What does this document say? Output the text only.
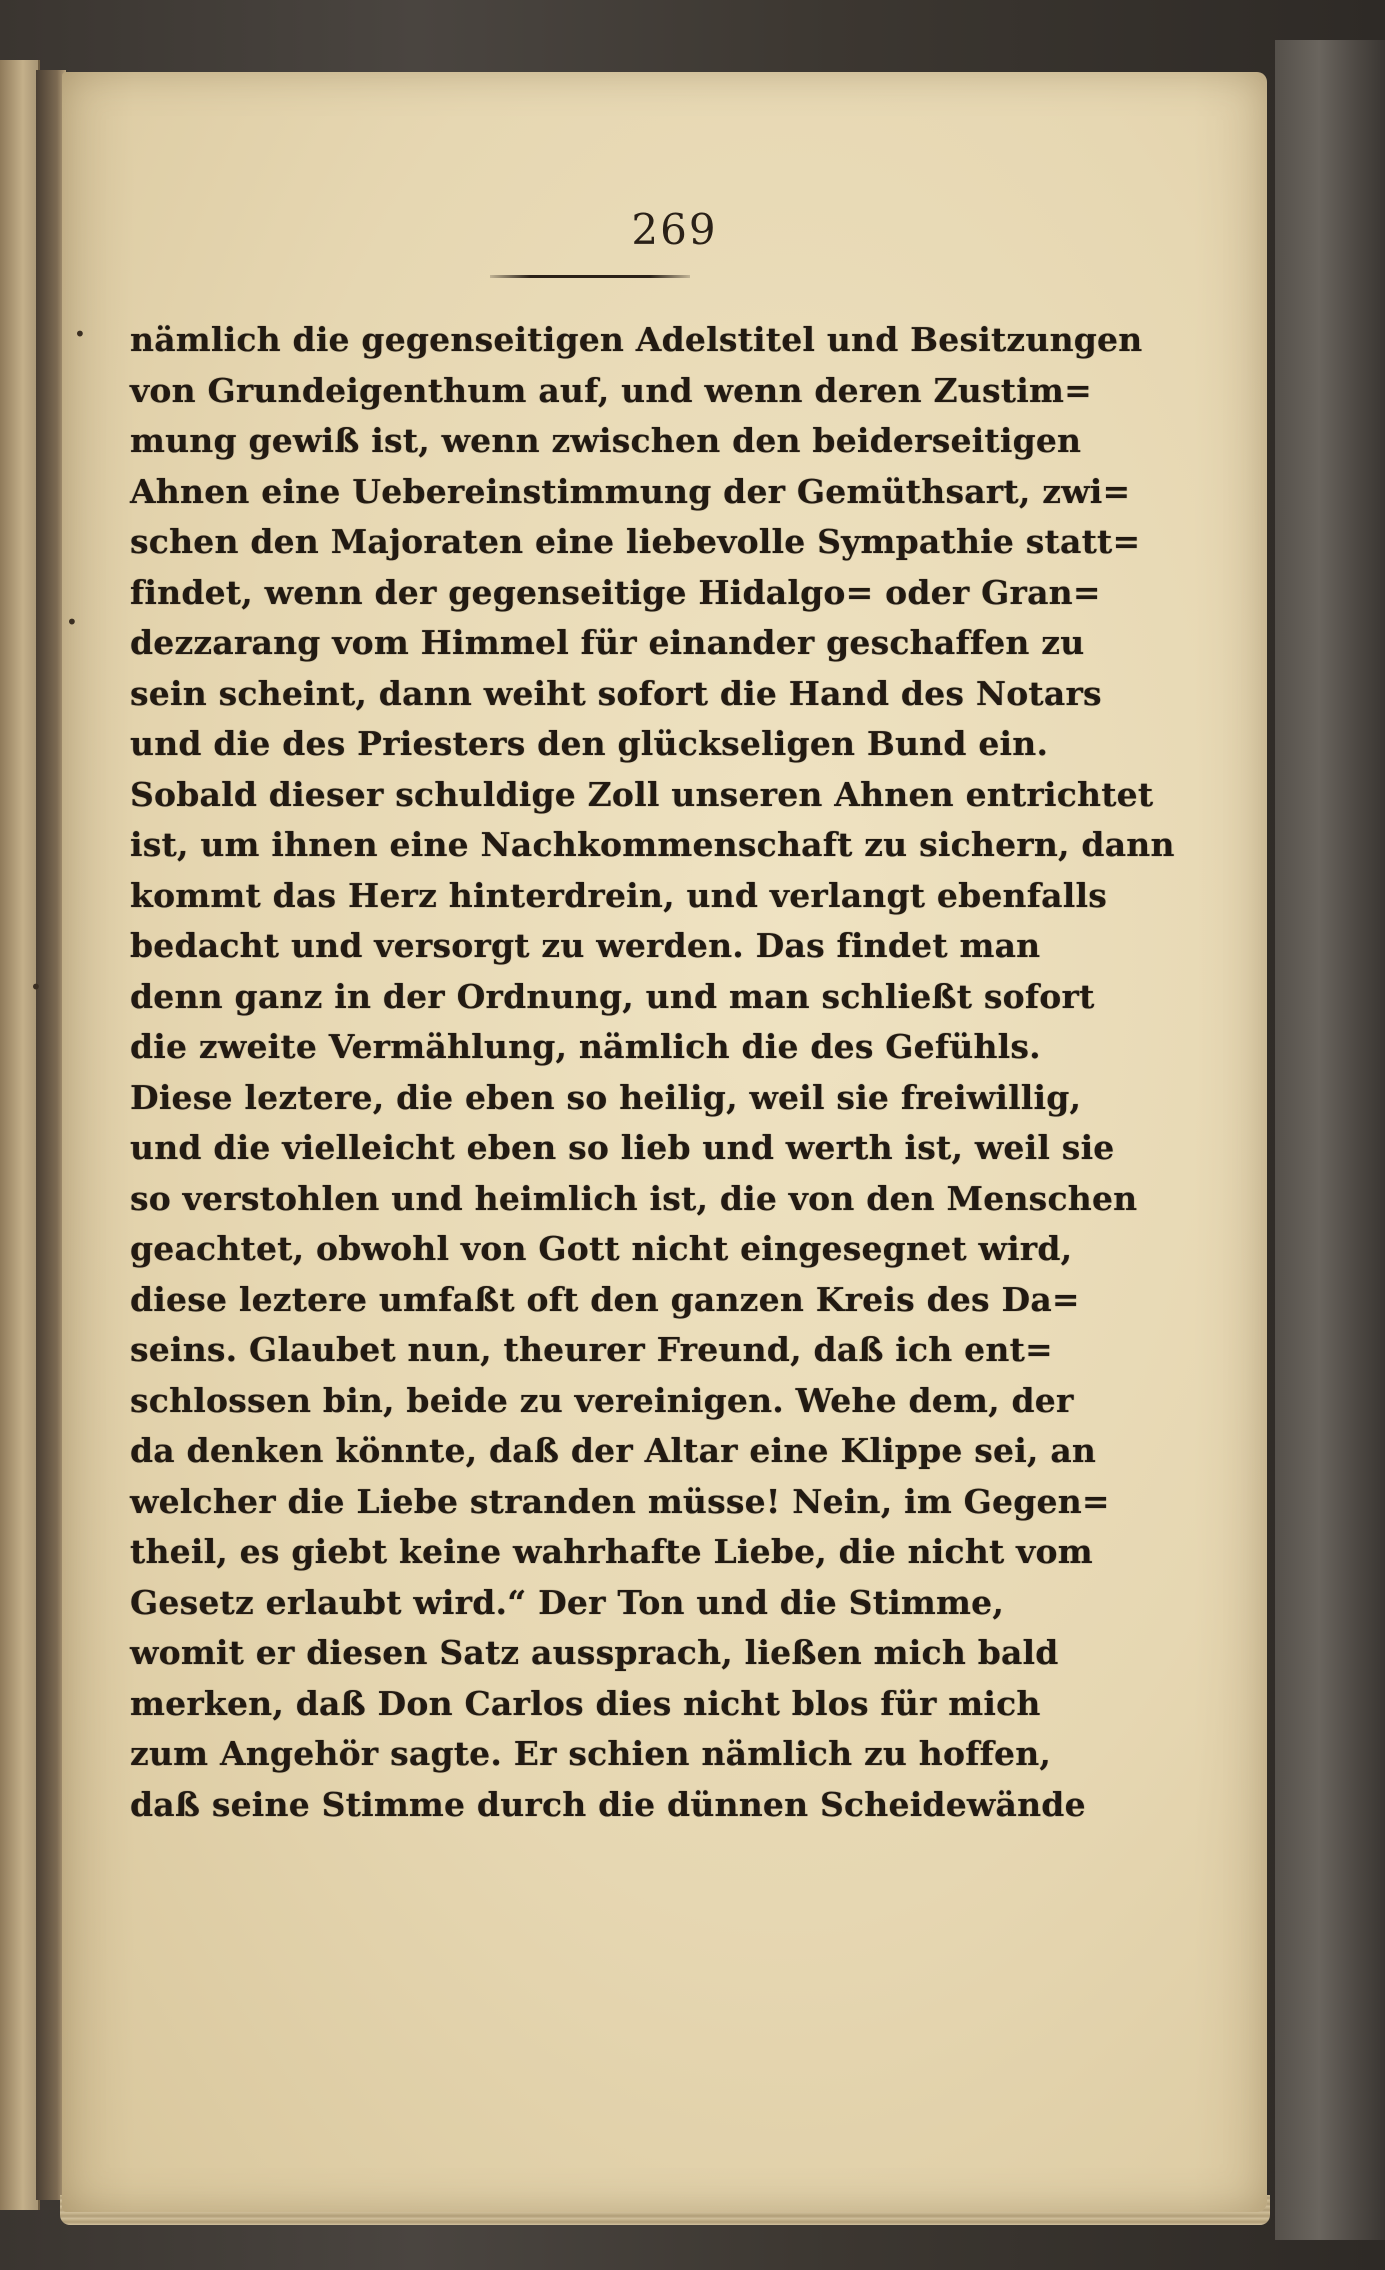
269
•
•
•
nämlich die gegenseitigen Adelstitel und Besitzungen
von Grundeigenthum auf, und wenn deren Zustim=
mung gewiß ist, wenn zwischen den beiderseitigen
Ahnen eine Uebereinstimmung der Gemüthsart, zwi=
schen den Majoraten eine liebevolle Sympathie statt=
findet, wenn der gegenseitige Hidalgo= oder Gran=
dezzarang vom Himmel für einander geschaffen zu
sein scheint, dann weiht sofort die Hand des Notars
und die des Priesters den glückseligen Bund ein.
Sobald dieser schuldige Zoll unseren Ahnen entrichtet
ist, um ihnen eine Nachkommenschaft zu sichern, dann
kommt das Herz hinterdrein, und verlangt ebenfalls
bedacht und versorgt zu werden. Das findet man
denn ganz in der Ordnung, und man schließt sofort
die zweite Vermählung, nämlich die des Gefühls.
Diese leztere, die eben so heilig, weil sie freiwillig,
und die vielleicht eben so lieb und werth ist, weil sie
so verstohlen und heimlich ist, die von den Menschen
geachtet, obwohl von Gott nicht eingesegnet wird,
diese leztere umfaßt oft den ganzen Kreis des Da=
seins. Glaubet nun, theurer Freund, daß ich ent=
schlossen bin, beide zu vereinigen. Wehe dem, der
da denken könnte, daß der Altar eine Klippe sei, an
welcher die Liebe stranden müsse! Nein, im Gegen=
theil, es giebt keine wahrhafte Liebe, die nicht vom
Gesetz erlaubt wird.“ Der Ton und die Stimme,
womit er diesen Satz aussprach, ließen mich bald
merken, daß Don Carlos dies nicht blos für mich
zum Angehör sagte. Er schien nämlich zu hoffen,
daß seine Stimme durch die dünnen Scheidewände
